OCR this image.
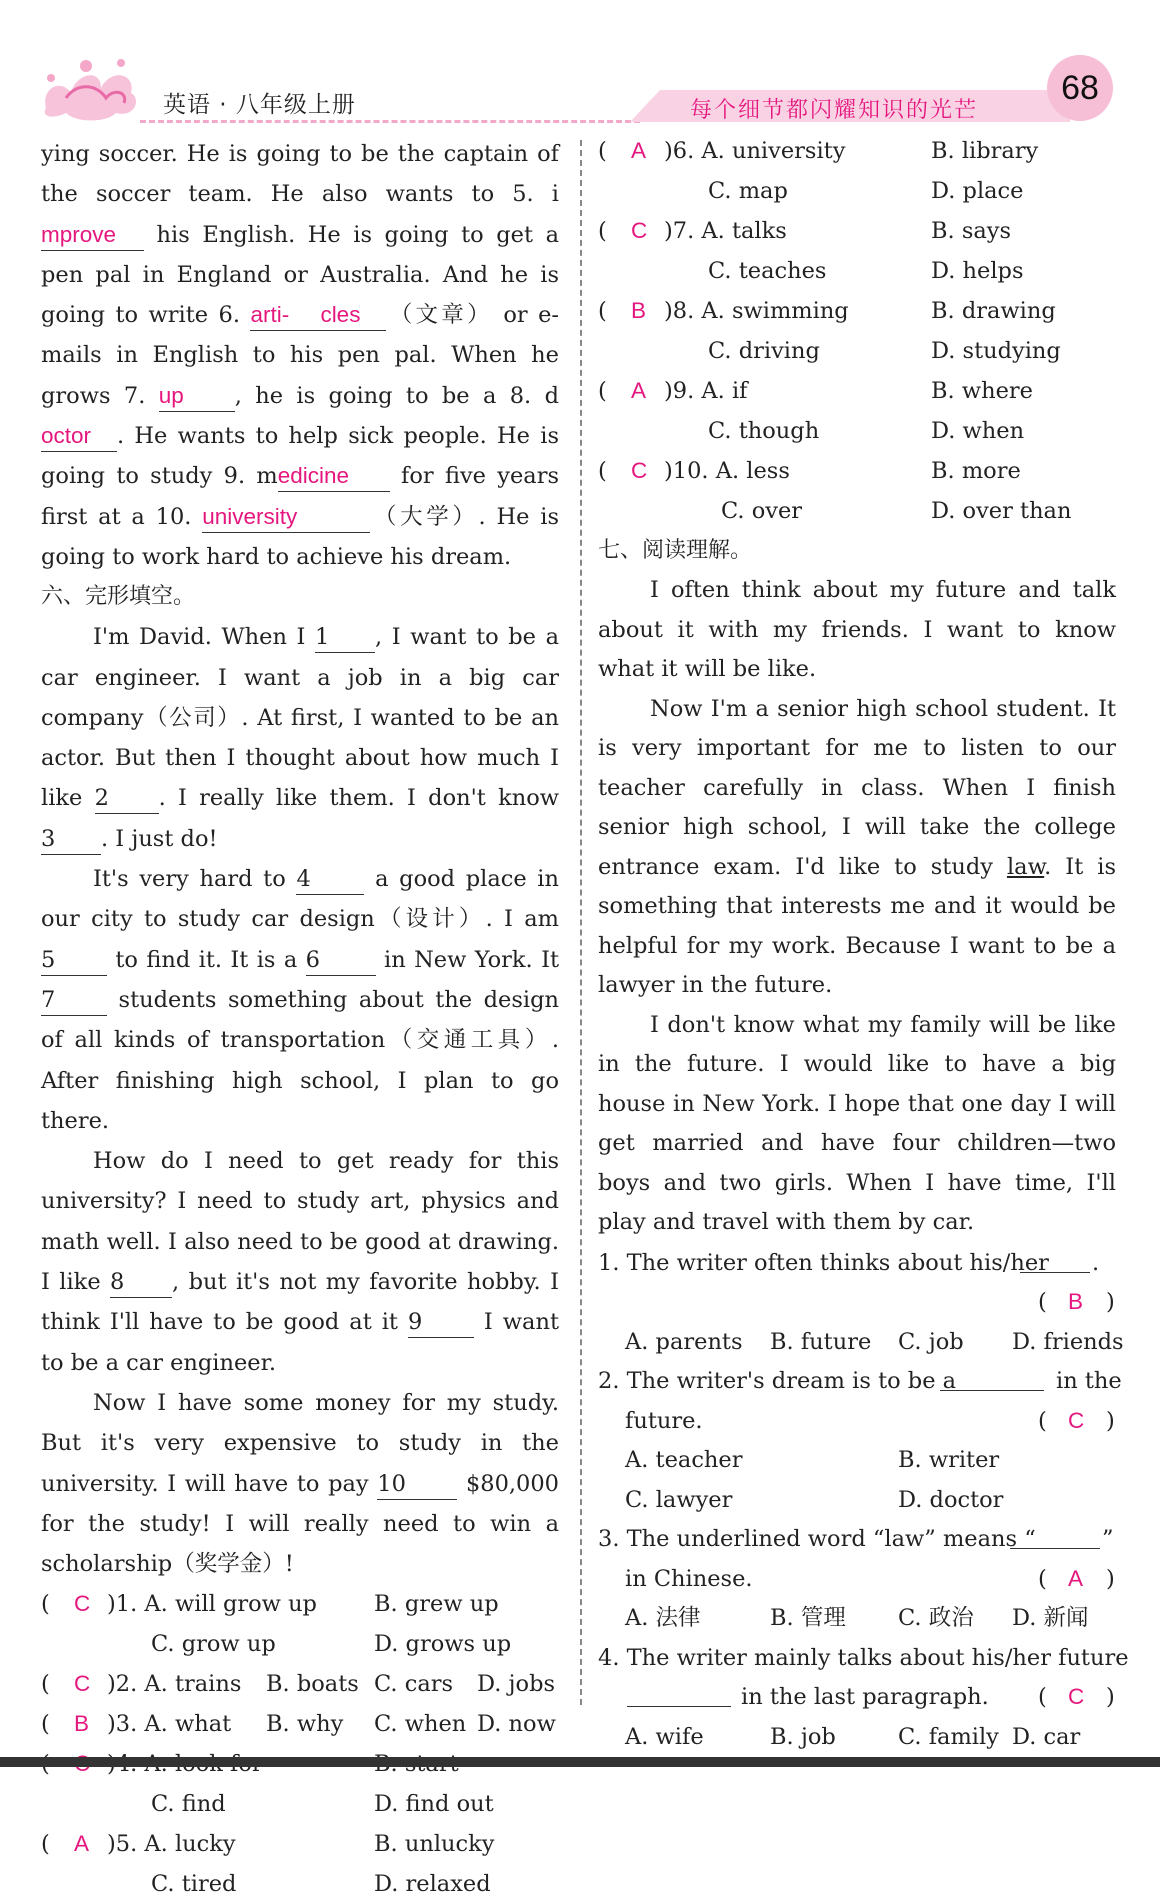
英语 · 八年级上册	每个细节都闪耀知识的光芒
68

ying soccer. He is going to be the captain of the soccer team. He also wants to 5. improve his English. He is going to get a pen pal in England or Australia. And he is going to write 6. arti- cles （文章） or e-mails in English to his pen pal. When he grows 7. up , he is going to be a 8. doctor . He wants to help sick people. He is going to study 9. medicine for five years first at a 10. university	（大学）. He is going to work hard to achieve his dream.

六、完形填空。

I'm David. When I 1 , I want to be a car engineer. I want a job in a big car company（公司）. At first, I wanted to be an actor. But then I thought about how much I like 2 . I really like them. I don't know 3 . I just do!

It's very hard to 4 a good place in our city to study car design（设计）. I am 5 to find it. It is a 6 in New York. It 7 students something about the design of all kinds of transportation（交通工具）. After finishing high school, I plan to go there.

How do I need to get ready for this university? I need to study art, physics and math well. I also need to be good at drawing. I like 8 , but it's not my favorite hobby. I think I'll have to be good at it 9 I want to be a car engineer.

Now I have some money for my study. But it's very expensive to study in the university. I will have to pay 10 $80,000 for the study! I will really need to win a scholarship（奖学金）!

( C )1. A. will grow up	B. grew up
C. grow up	D. grows up
( C )2. A. trains B. boats C. cars D. jobs
( B )3. A. what B. why C. when D. now
C. find	D. find out
( A )5. A. lucky	B. unlucky
C. tired	D. relaxed
( A )6. A. university	B. library
C. map	D. place
( C )7. A. talks	B. says
C. teaches	D. helps
( B )8. A. swimming	B. drawing
C. driving	D. studying
( A )9. A. if	B. where
C. though	D. when
( C )10. A. less	B. more
C. over	D. over than

七、阅读理解。

I often think about my future and talk about it with my friends. I want to know what it will be like.

Now I'm a senior high school student. It is very important for me to listen to our teacher carefully in class. When I finish senior high school, I will take the college entrance exam. I'd like to study law. It is something that interests me and it would be helpful for my work. Because I want to be a lawyer in the future.

I don't know what my family will be like in the future. I would like to have a big house in New York. I hope that one day I will get married and have four children—two boys and two girls. When I have time, I'll play and travel with them by car.

1. The writer often thinks about his/her .
( B )
A. parents B. future C. job D. friends
2. The writer's dream is to be a	in the
future.	( C )
A. teacher	B. writer
C. lawyer	D. doctor
3. The underlined word “law” means “	”
in Chinese.	( A )
A. 法律	B. 管理 C. 政治 D. 新闻
4. The writer mainly talks about his/her future
in the last paragraph. ( C )
A. wife	B. job	C. family D. car
